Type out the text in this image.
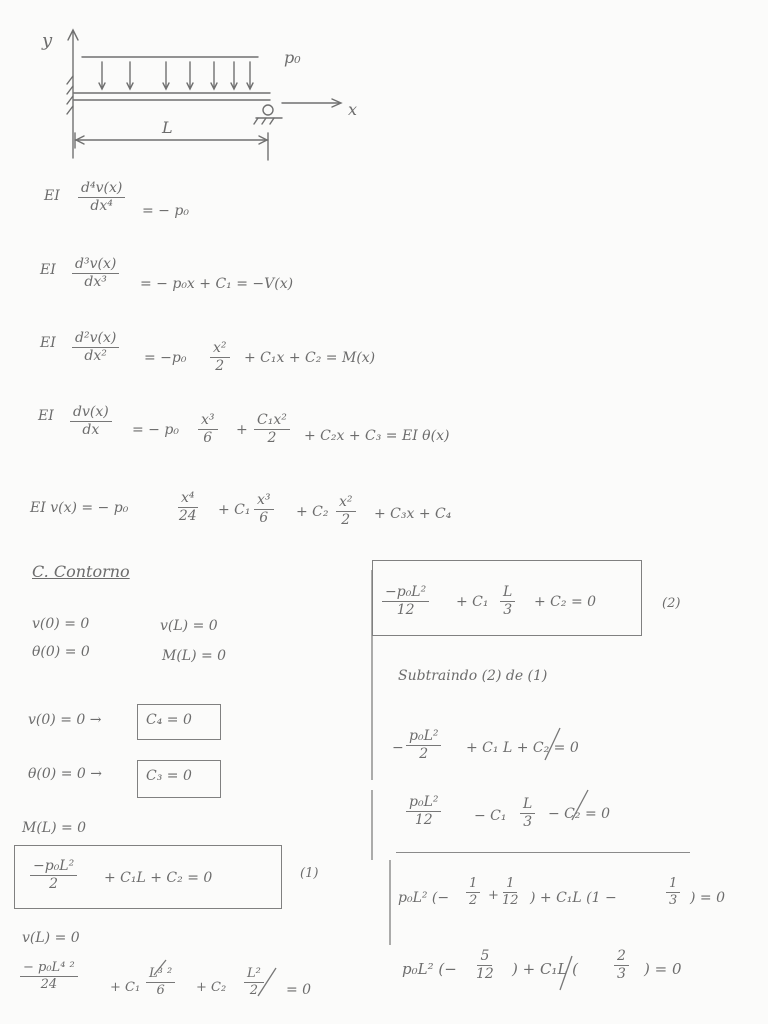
y
x
p₀
L
EI $\frac{\text{d⁴v(x)}}{\text{dx⁴}}$ = − p₀
EI $\frac{\text{d³v(x)}}{\text{dx³}}$ = − p₀x + C₁ = −V(x)
EI $\frac{\text{d²v(x)}}{\text{dx²}} = -p_0 \frac{\text{x²}}{2} + C_1x + C_2 = M(x)$
EI $\frac{dv(x)}{dx}$ = − $p_0 \frac{\text{x³}}{6} + \frac{\text{C₁x²}}{2} + C_2x + C_3$ = EI θ(x)
EI v(x) = − p₀	$\frac{\text{x⁴}}{24} + C_1 \frac{\text{x³}}{6} + C_2 \frac{\text{x²}}{2} + C_3x + C_4$
C. Contorno
v(0) = 0	v(L) = 0
θ(0) = 0	M(L) = 0
v(0) = 0 →	C₄ = 0
θ(0) = 0 →	C₃ = 0
M(L) = 0
$\frac{\text{−p₀L²}}{2} + C_1L + C_2 = 0$	(1)
v(L) = 0
$\frac{\text{− p₀L⁴ ²}}{24} + C_1 \frac{\text{L³ ²}}{6} + C_2 \frac{\text{L²}}{2} = 0$
$\frac{\text{−p₀L²}}{12} + C_1 \frac{L}{3} + C_2 = 0$	(2)
Subtraindo (2) de (1)
− $\frac{\text{p₀L²}}{2} + C_1$ L + C₂ = 0
$\frac{\text{p₀L²}}{12} - C_1 \frac{L}{3} - C_2 = 0$
p₀L² (− $\frac{1}{2} + \frac{1}{12}$ ) + C₁L (1 −	$\frac{1}{3}$ ) = 0
p₀L² (− $\frac{5}{12}$ ) + C₁L (	$\frac{2}{3}$ ) = 0
